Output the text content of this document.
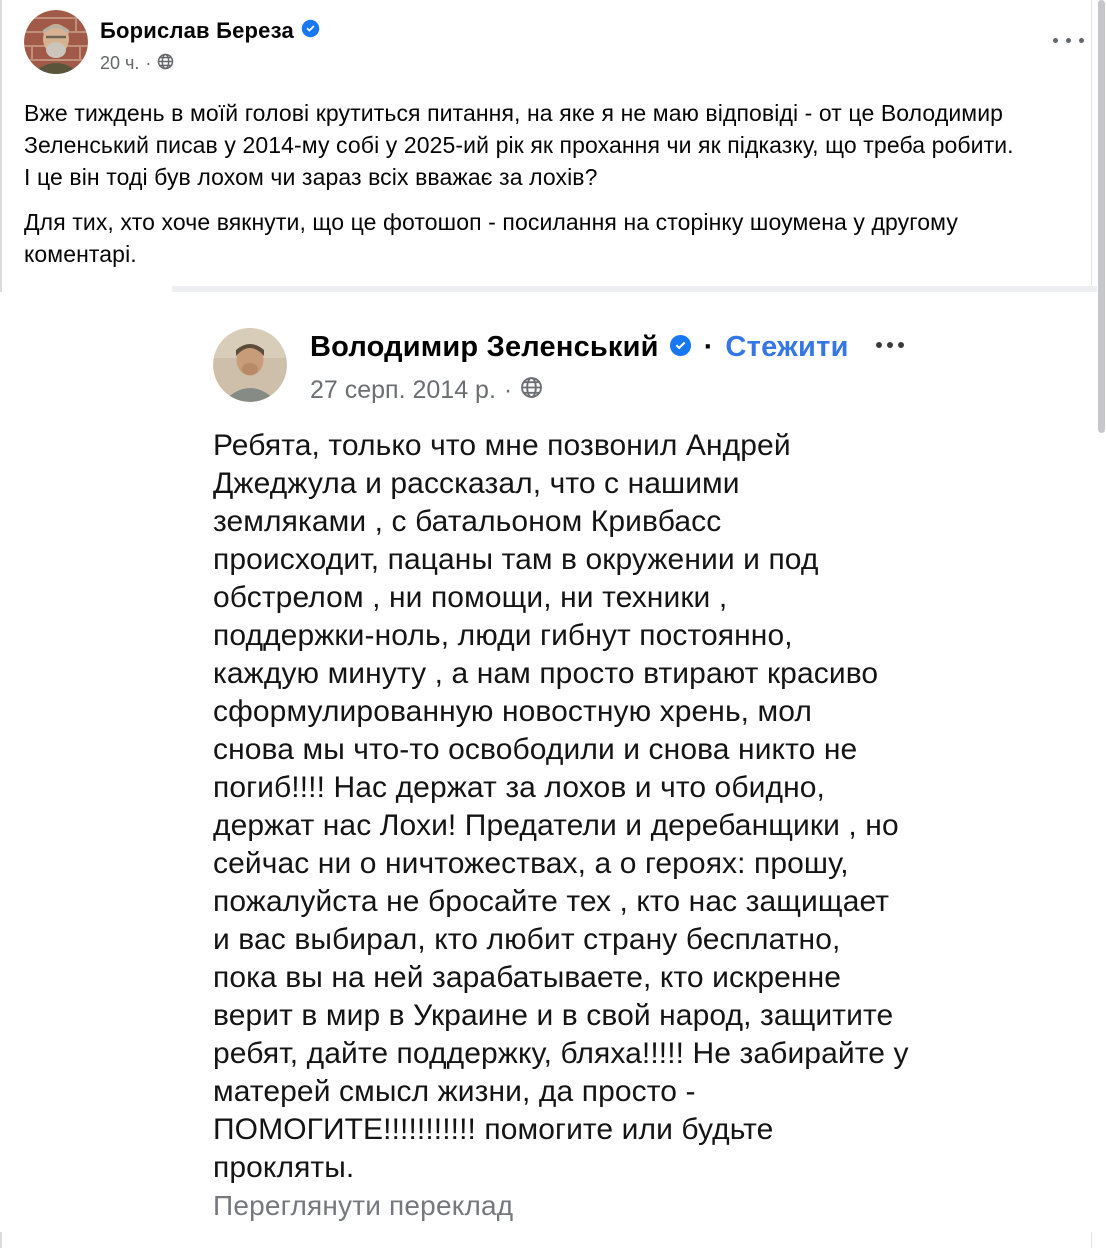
Борислав Береза
20 ч. ·
Вже тиждень в моїй голові крутиться питання, на яке я не маю відповіді - от це Володимир
Зеленський писав у 2014-му собі у 2025-ий рік як прохання чи як підказку, що треба робити.
І це він тоді був лохом чи зараз всіх вважає за лохів?
Для тих, хто хоче вякнути, що це фотошоп - посилання на сторінку шоумена у другому
коментарі.
Володимир Зеленський · Стежити
27 серп. 2014 р. ·
Ребята, только что мне позвонил Андрей
Джеджула и рассказал, что с нашими
земляками , с батальоном Кривбасс
происходит, пацаны там в окружении и под
обстрелом , ни помощи, ни техники ,
поддержки-ноль, люди гибнут постоянно,
каждую минуту , а нам просто втирают красиво
сформулированную новостную хрень, мол
снова мы что-то освободили и снова никто не
погиб!!!! Нас держат за лохов и что обидно,
держат нас Лохи! Предатели и деребанщики , но
сейчас ни о ничтожествах, а о героях: прошу,
пожалуйста не бросайте тех , кто нас защищает
и вас выбирал, кто любит страну бесплатно,
пока вы на ней зарабатываете, кто искренне
верит в мир в Украине и в свой народ, защитите
ребят, дайте поддержку, бляха!!!!! Не забирайте у
матерей смысл жизни, да просто -
ПОМОГИТЕ!!!!!!!!!!! помогите или будьте
прокляты.
Переглянути переклад
